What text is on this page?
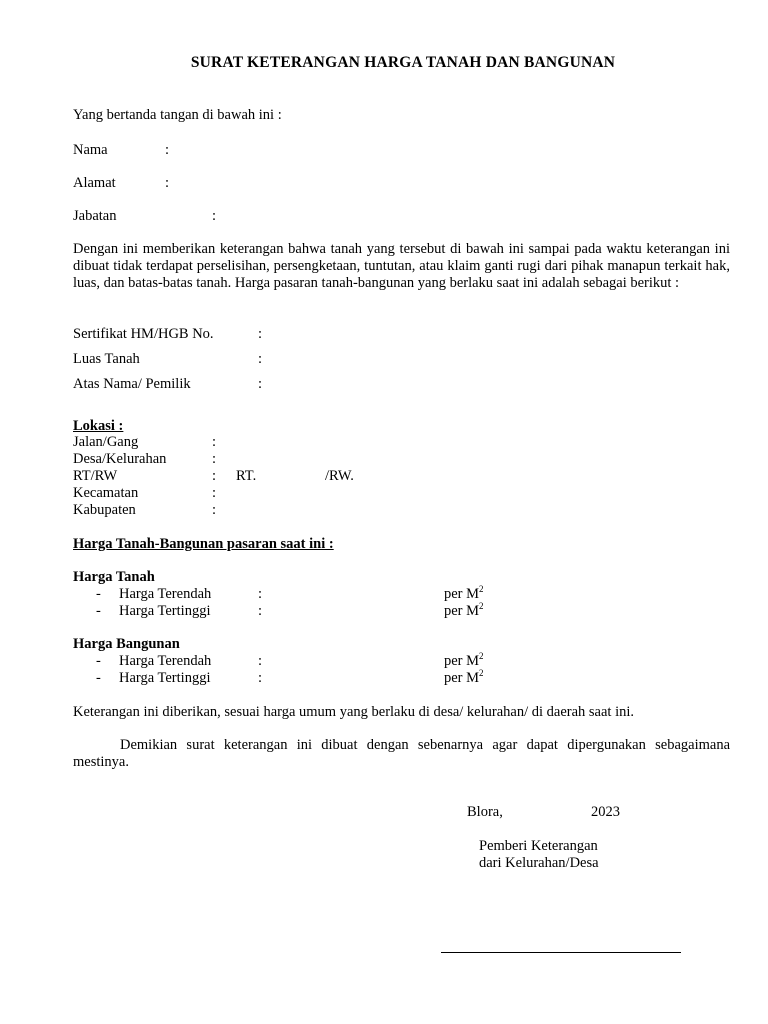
SURAT KETERANGAN HARGA TANAH DAN BANGUNAN
Yang bertanda tangan di bawah ini :
Nama	:
Alamat	:
Jabatan	:
Dengan ini memberikan keterangan bahwa tanah yang tersebut di bawah ini sampai pada waktu keterangan ini dibuat tidak terdapat perselisihan, persengketaan, tuntutan, atau klaim ganti rugi dari pihak manapun terkait hak, luas, dan batas-batas tanah. Harga pasaran tanah-bangunan yang berlaku saat ini adalah sebagai berikut :
Sertifikat HM/HGB No.	:
Luas Tanah	:
Atas Nama/ Pemilik	:
Lokasi :
Jalan/Gang	:
Desa/Kelurahan	:
RT/RW	: RT.	/RW.
Kecamatan	:
Kabupaten	:
Harga Tanah-Bangunan pasaran saat ini :
Harga Tanah
- Harga Terendah	:	per $M^2$
- Harga Tertinggi	:	per $M^2$
Harga Bangunan
- Harga Terendah	:	per $M^2$
- Harga Tertinggi	:	per $M^2$
Keterangan ini diberikan, sesuai harga umum yang berlaku di desa/ kelurahan/ di daerah saat ini.
Demikian surat keterangan ini dibuat dengan sebenarnya agar dapat dipergunakan sebagaimana mestinya.
Blora,	2023
Pemberi Keterangan
dari Kelurahan/Desa
